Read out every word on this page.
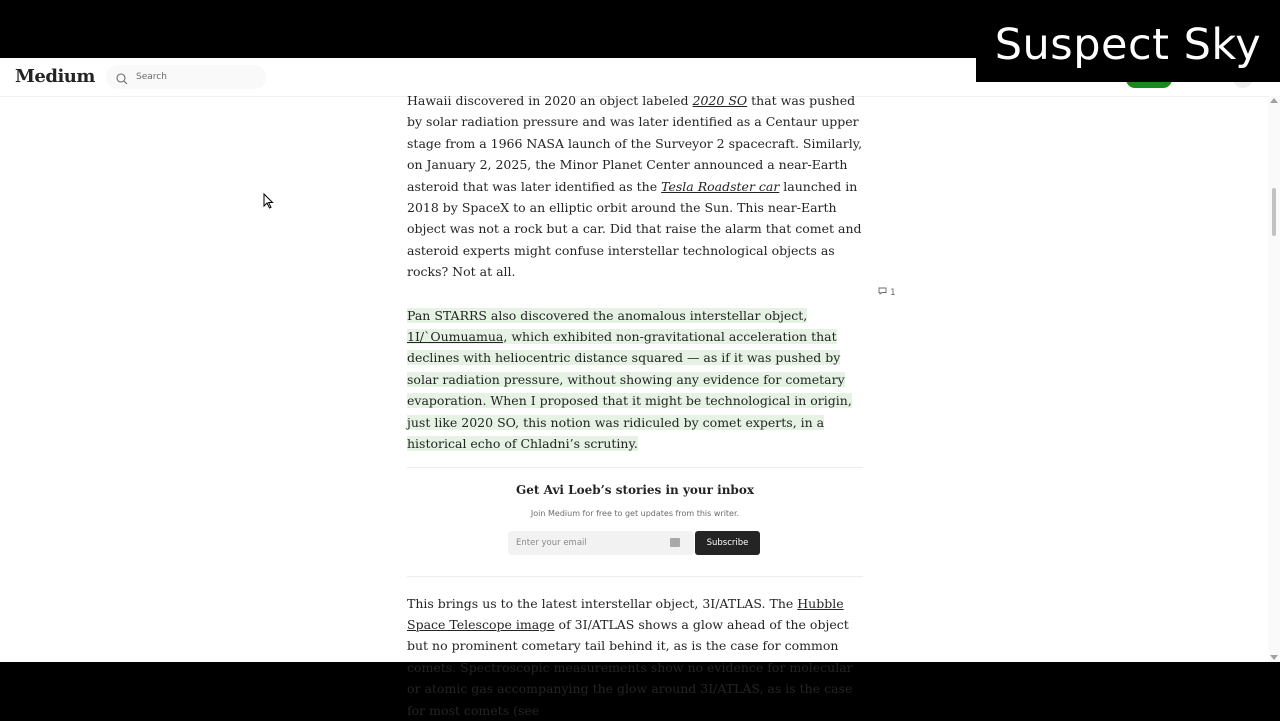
Medium
Search

Hawaii discovered in 2020 an object labeled 2020 SO that was pushed by solar radiation pressure and was later identified as a Centaur upper stage from a 1966 NASA launch of the Surveyor 2 spacecraft. Similarly, on January 2, 2025, the Minor Planet Center announced a near-Earth asteroid that was later identified as the Tesla Roadster car launched in 2018 by SpaceX to an elliptic orbit around the Sun. This near-Earth object was not a rock but a car. Did that raise the alarm that comet and asteroid experts might confuse interstellar technological objects as rocks? Not at all.

Pan STARRS also discovered the anomalous interstellar object, 1I/`Oumuamua, which exhibited non-gravitational acceleration that declines with heliocentric distance squared — as if it was pushed by solar radiation pressure, without showing any evidence for cometary evaporation. When I proposed that it might be technological in origin, just like 2020 SO, this notion was ridiculed by comet experts, in a historical echo of Chladni’s scrutiny.

Get Avi Loeb’s stories in your inbox
Join Medium for free to get updates from this writer.
Enter your email
Subscribe

This brings us to the latest interstellar object, 3I/ATLAS. The Hubble Space Telescope image of 3I/ATLAS shows a glow ahead of the object but no prominent cometary tail behind it, as is the case for common comets. Spectroscopic measurements show no evidence for molecular or atomic gas accompanying the glow around 3I/ATLAS, as is the case for most comets (see

1
Suspect Sky
